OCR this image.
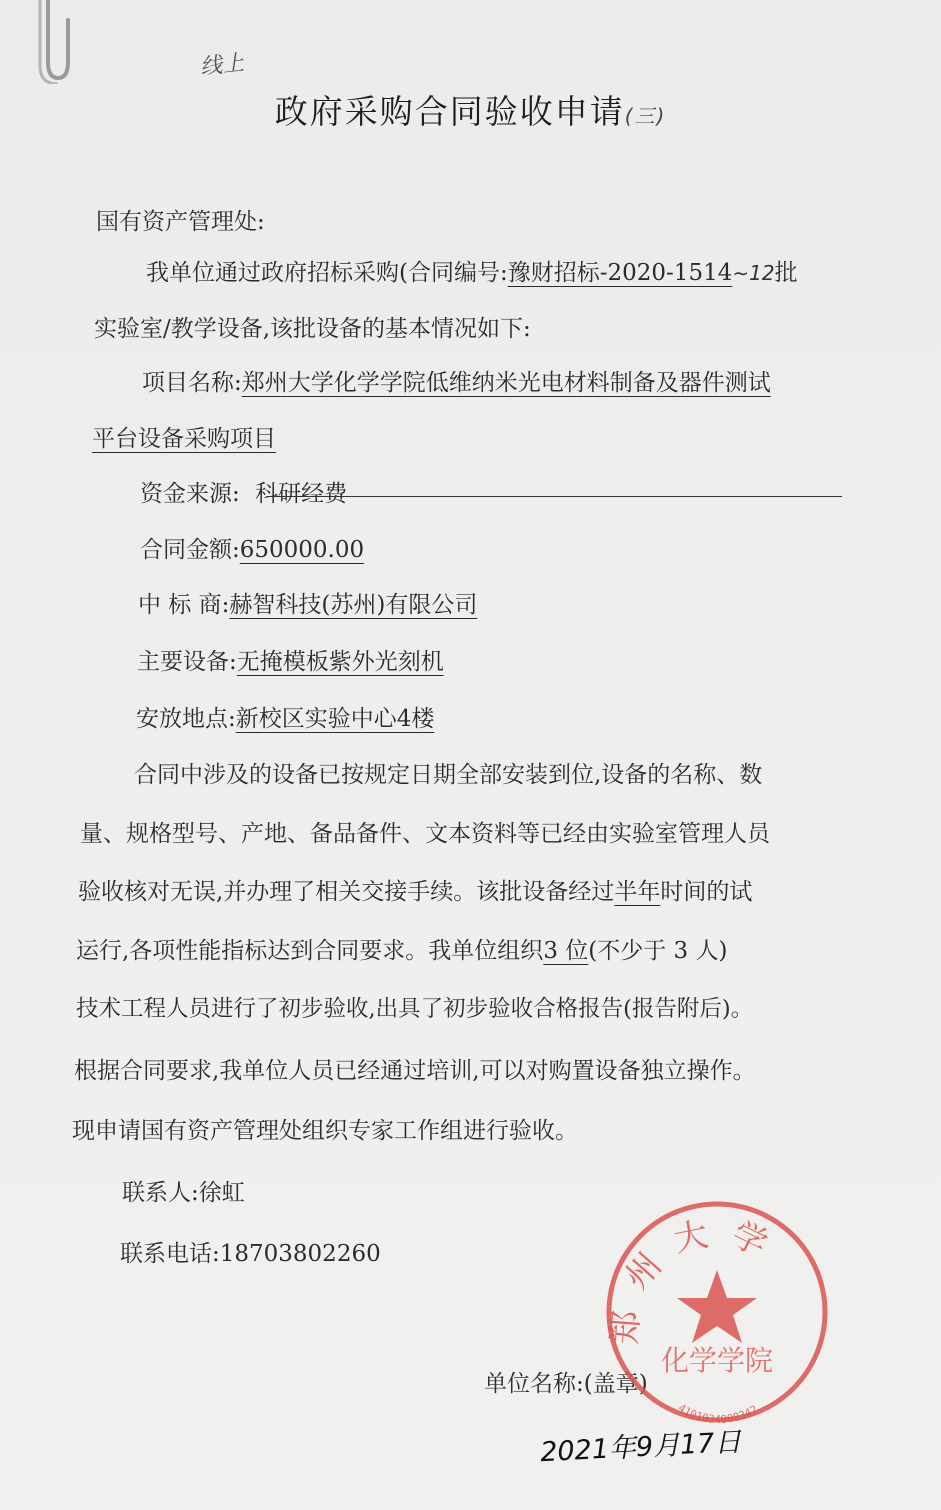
线上
政府采购合同验收申请(三)
国有资产管理处:
我单位通过政府招标采购(合同编号:豫财招标-2020-1514∼12批
实验室/教学设备,该批设备的基本情况如下:
项目名称:郑州大学化学学院低维纳米光电材料制备及器件测试
平台设备采购项目
资金来源: 科研经费
合同金额:650000.00
中 标 商:赫智科技(苏州)有限公司
主要设备:无掩模板紫外光刻机
安放地点:新校区实验中心4楼
合同中涉及的设备已按规定日期全部安装到位,设备的名称、数
量、规格型号、产地、备品备件、文本资料等已经由实验室管理人员
验收核对无误,并办理了相关交接手续。该批设备经过半年时间的试
运行,各项性能指标达到合同要求。我单位组织3 位(不少于 3 人)
技术工程人员进行了初步验收,出具了初步验收合格报告(报告附后)。
根据合同要求,我单位人员已经通过培训,可以对购置设备独立操作。
现申请国有资产管理处组织专家工作组进行验收。
联系人:徐虹
联系电话:18703802260
单位名称:(盖章)
郑州大学
化学学院
4101034908342
2021年9月17日
